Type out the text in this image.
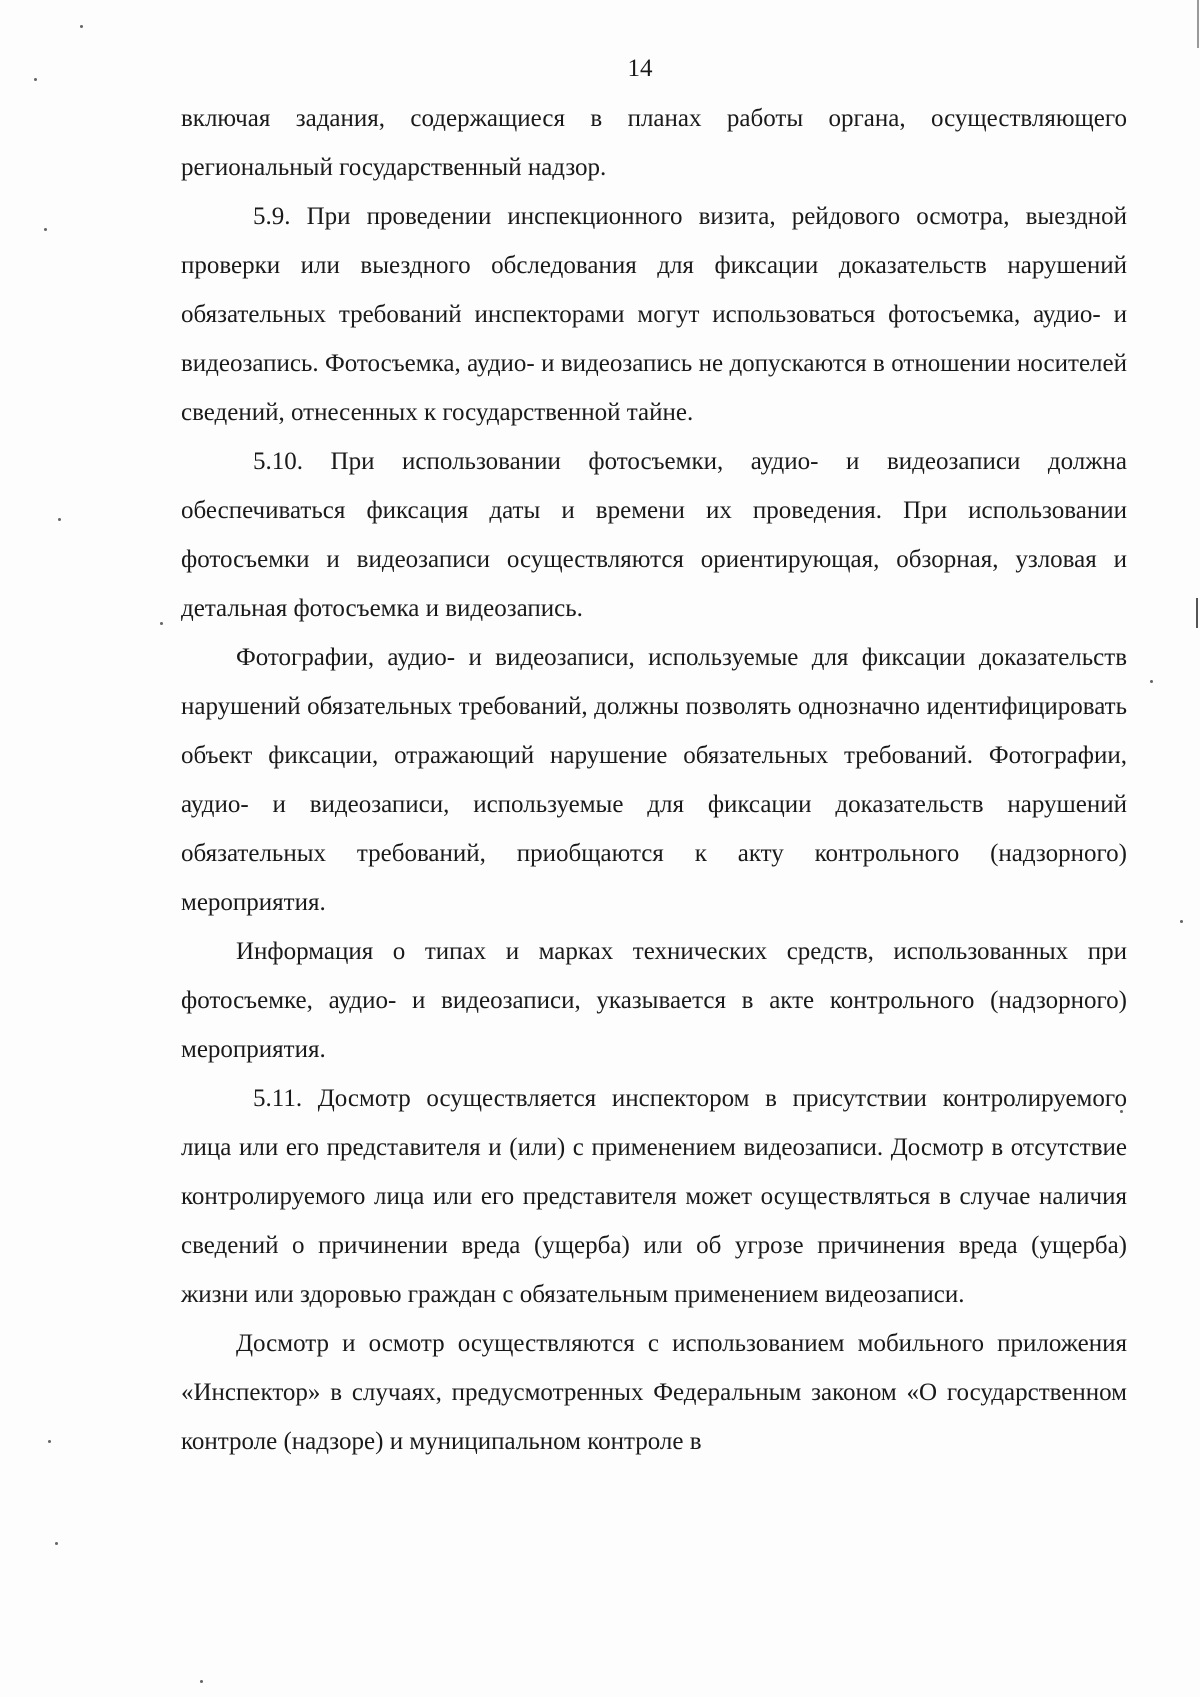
14

включая задания, содержащиеся в планах работы органа, осуществляющего региональный государственный надзор.

5.9. При проведении инспекционного визита, рейдового осмотра, выездной проверки или выездного обследования для фиксации доказательств нарушений обязательных требований инспекторами могут использоваться фотосъемка, аудио- и видеозапись. Фотосъемка, аудио- и видеозапись не допускаются в отношении носителей сведений, отнесенных к государственной тайне.

5.10. При использовании фотосъемки, аудио- и видеозаписи должна обеспечиваться фиксация даты и времени их проведения. При использовании фотосъемки и видеозаписи осуществляются ориентирующая, обзорная, узловая и детальная фотосъемка и видеозапись.

Фотографии, аудио- и видеозаписи, используемые для фиксации доказательств нарушений обязательных требований, должны позволять однозначно идентифицировать объект фиксации, отражающий нарушение обязательных требований. Фотографии, аудио- и видеозаписи, используемые для фиксации доказательств нарушений обязательных требований, приобщаются к акту контрольного (надзорного) мероприятия.

Информация о типах и марках технических средств, использованных при фотосъемке, аудио- и видеозаписи, указывается в акте контрольного (надзорного) мероприятия.

5.11. Досмотр осуществляется инспектором в присутствии контролируемого лица или его представителя и (или) с применением видеозаписи. Досмотр в отсутствие контролируемого лица или его представителя может осуществляться в случае наличия сведений о причинении вреда (ущерба) или об угрозе причинения вреда (ущерба) жизни или здоровью граждан с обязательным применением видеозаписи.

Досмотр и осмотр осуществляются с использованием мобильного приложения «Инспектор» в случаях, предусмотренных Федеральным законом «О государственном контроле (надзоре) и муниципальном контроле в
